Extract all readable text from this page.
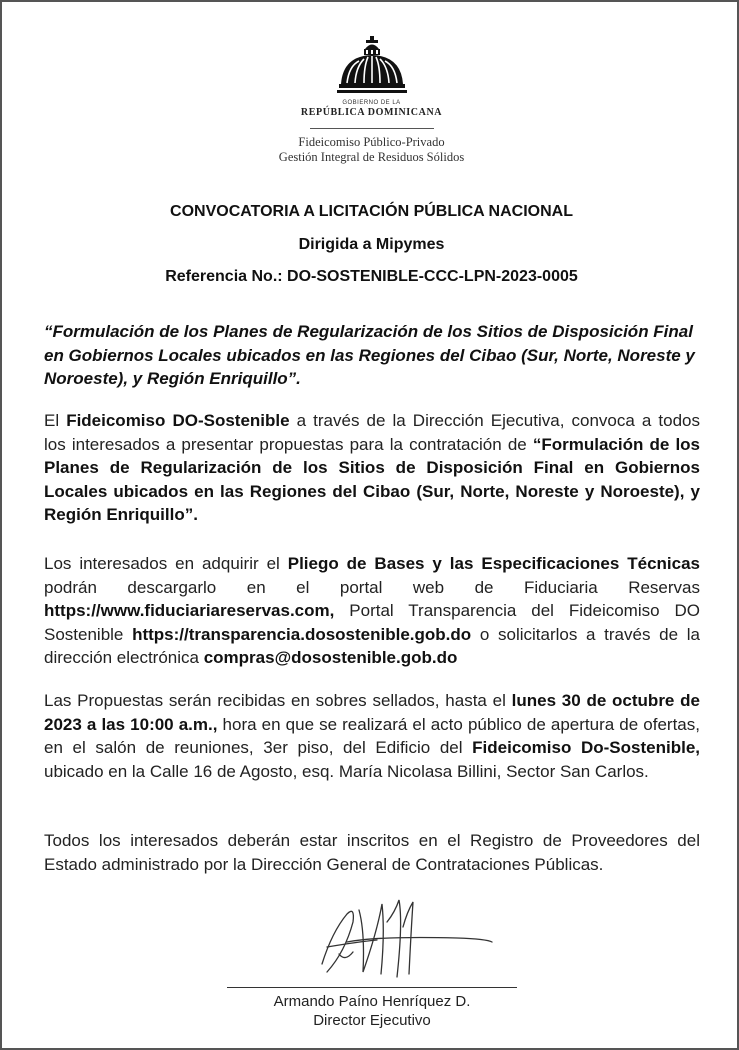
GOBIERNO DE LA
REPÚBLICA DOMINICANA
Fideicomiso Público-Privado
Gestión Integral de Residuos Sólidos
CONVOCATORIA A LICITACIÓN PÚBLICA NACIONAL
Dirigida a Mipymes
Referencia No.: DO-SOSTENIBLE-CCC-LPN-2023-0005
“Formulación de los Planes de Regularización de los Sitios de Disposición Final en Gobiernos Locales ubicados en las Regiones del Cibao (Sur, Norte, Noreste y Noroeste), y Región Enriquillo”.
El Fideicomiso DO-Sostenible a través de la Dirección Ejecutiva, convoca a todos los interesados a presentar propuestas para la contratación de “Formulación de los Planes de Regularización de los Sitios de Disposición Final en Gobiernos Locales ubicados en las Regiones del Cibao (Sur, Norte, Noreste y Noroeste), y Región Enriquillo”.
Los interesados en adquirir el Pliego de Bases y las Especificaciones Técnicas podrán descargarlo en el portal web de Fiduciaria Reservas https://www.fiduciariareservas.com, Portal Transparencia del Fideicomiso DO Sostenible https://transparencia.dosostenible.gob.do o solicitarlos a través de la dirección electrónica compras@dosostenible.gob.do
Las Propuestas serán recibidas en sobres sellados, hasta el lunes 30 de octubre de 2023 a las 10:00 a.m., hora en que se realizará el acto público de apertura de ofertas, en el salón de reuniones, 3er piso, del Edificio del Fideicomiso Do-Sostenible, ubicado en la Calle 16 de Agosto, esq. María Nicolasa Billini, Sector San Carlos.
Todos los interesados deberán estar inscritos en el Registro de Proveedores del Estado administrado por la Dirección General de Contrataciones Públicas.
Armando Paíno Henríquez D.
Director Ejecutivo
